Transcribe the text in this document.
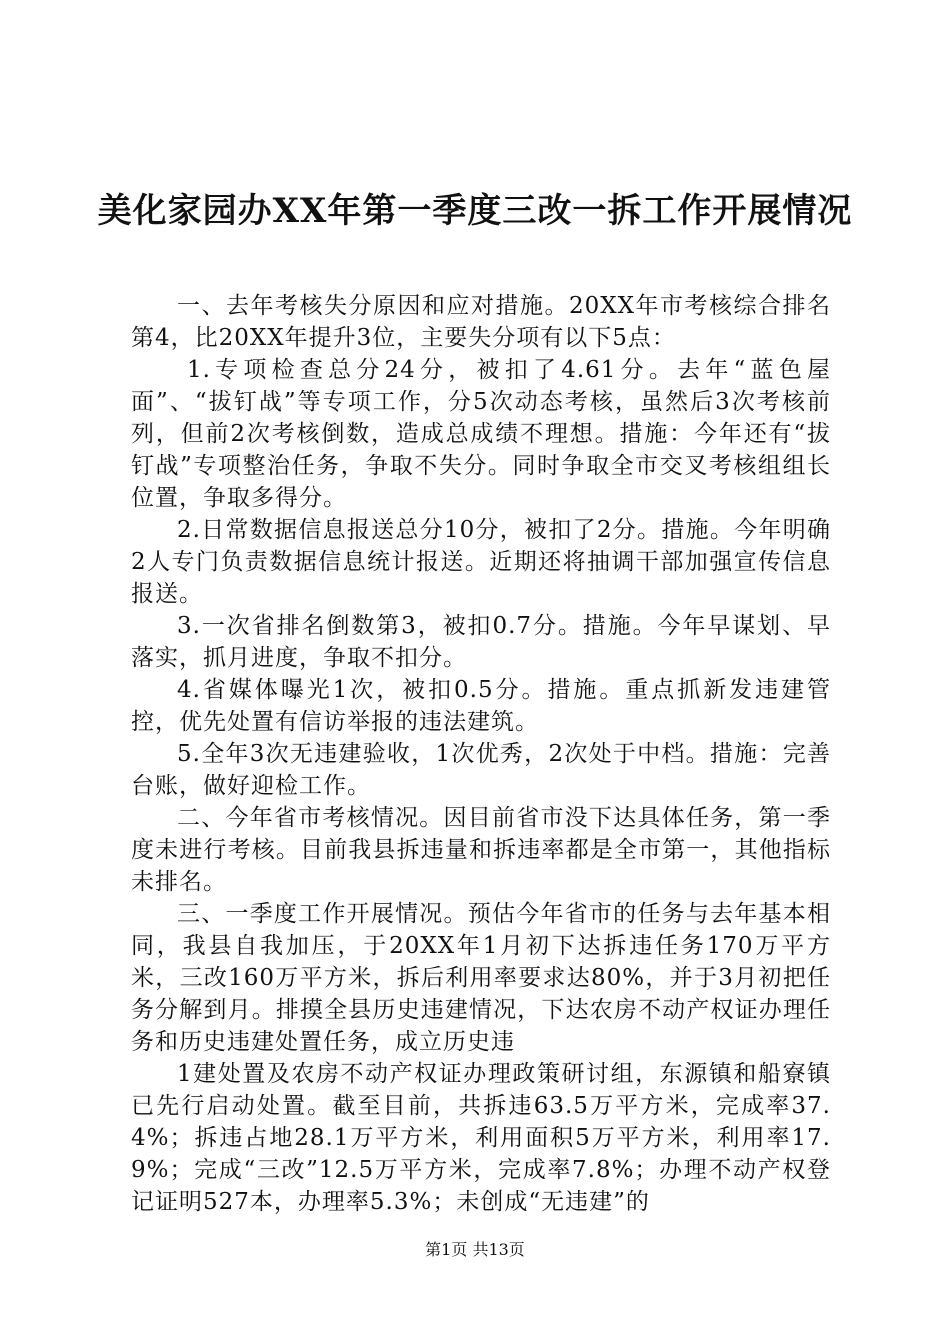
美化家园办XX年第一季度三改一拆工作开展情况

一、去年考核失分原因和应对措施。20XX年市考核综合排名第4，比20XX年提升3位，主要失分项有以下5点：

1.专项检查总分24分，被扣了4.61分。去年“蓝色屋面”、“拔钉战”等专项工作，分5次动态考核，虽然后3次考核前列，但前2次考核倒数，造成总成绩不理想。措施：今年还有“拔钉战”专项整治任务，争取不失分。同时争取全市交叉考核组组长位置，争取多得分。

2.日常数据信息报送总分10分，被扣了2分。措施。今年明确2人专门负责数据信息统计报送。近期还将抽调干部加强宣传信息报送。

3.一次省排名倒数第3，被扣0.7分。措施。今年早谋划、早落实，抓月进度，争取不扣分。

4.省媒体曝光1次，被扣0.5分。措施。重点抓新发违建管控，优先处置有信访举报的违法建筑。

5.全年3次无违建验收，1次优秀，2次处于中档。措施：完善台账，做好迎检工作。

二、今年省市考核情况。因目前省市没下达具体任务，第一季度未进行考核。目前我县拆违量和拆违率都是全市第一，其他指标未排名。

三、一季度工作开展情况。预估今年省市的任务与去年基本相同，我县自我加压，于20XX年1月初下达拆违任务170万平方米，三改160万平方米，拆后利用率要求达80%，并于3月初把任务分解到月。排摸全县历史违建情况，下达农房不动产权证办理任务和历史违建处置任务，成立历史违

1建处置及农房不动产权证办理政策研讨组，东源镇和船寮镇已先行启动处置。截至目前，共拆违63.5万平方米，完成率37.4%；拆违占地28.1万平方米，利用面积5万平方米，利用率17.9%；完成“三改”12.5万平方米，完成率7.8%；办理不动产权登记证明527本，办理率5.3%；未创成“无违建”的

第1页 共13页
